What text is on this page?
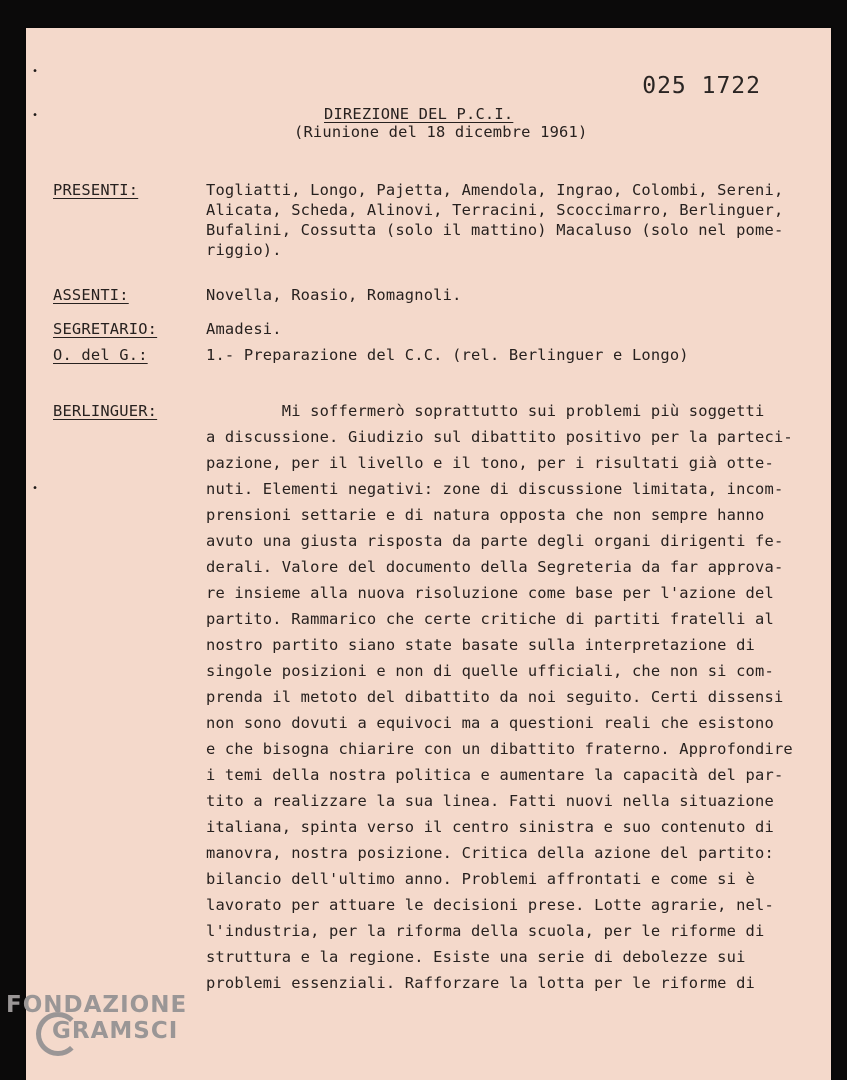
•
•
•
025 1722
DIREZIONE DEL P.C.I.
(Riunione del 18 dicembre 1961)
PRESENTI:	Togliatti, Longo, Pajetta, Amendola, Ingrao, Colombi, Sereni,
Alicata, Scheda, Alinovi, Terracini, Scoccimarro, Berlinguer,
Bufalini, Cossutta (solo il mattino) Macaluso (solo nel pome-
riggio).
ASSENTI:	Novella, Roasio, Romagnoli.
SEGRETARIO:	Amadesi.
O. del G.:	1.- Preparazione del C.C. (rel. Berlinguer e Longo)
BERLINGUER:	Mi soffermerò soprattutto sui problemi più soggetti
a discussione. Giudizio sul dibattito positivo per la parteci-
pazione, per il livello e il tono, per i risultati già otte-
nuti. Elementi negativi: zone di discussione limitata, incom-
prensioni settarie e di natura opposta che non sempre hanno
avuto una giusta risposta da parte degli organi dirigenti fe-
derali. Valore del documento della Segreteria da far approva-
re insieme alla nuova risoluzione come base per l'azione del
partito. Rammarico che certe critiche di partiti fratelli al
nostro partito siano state basate sulla interpretazione di
singole posizioni e non di quelle ufficiali, che non si com-
prenda il metoto del dibattito da noi seguito. Certi dissensi
non sono dovuti a equivoci ma a questioni reali che esistono
e che bisogna chiarire con un dibattito fraterno. Approfondire
i temi della nostra politica e aumentare la capacità del par-
tito a realizzare la sua linea. Fatti nuovi nella situazione
italiana, spinta verso il centro sinistra e suo contenuto di
manovra, nostra posizione. Critica della azione del partito:
bilancio dell'ultimo anno. Problemi affrontati e come si è
lavorato per attuare le decisioni prese. Lotte agrarie, nel-
l'industria, per la riforma della scuola, per le riforme di
struttura e la regione. Esiste una serie di debolezze sui
problemi essenziali. Rafforzare la lotta per le riforme di
FONDAZIONE
GRAMSCI
